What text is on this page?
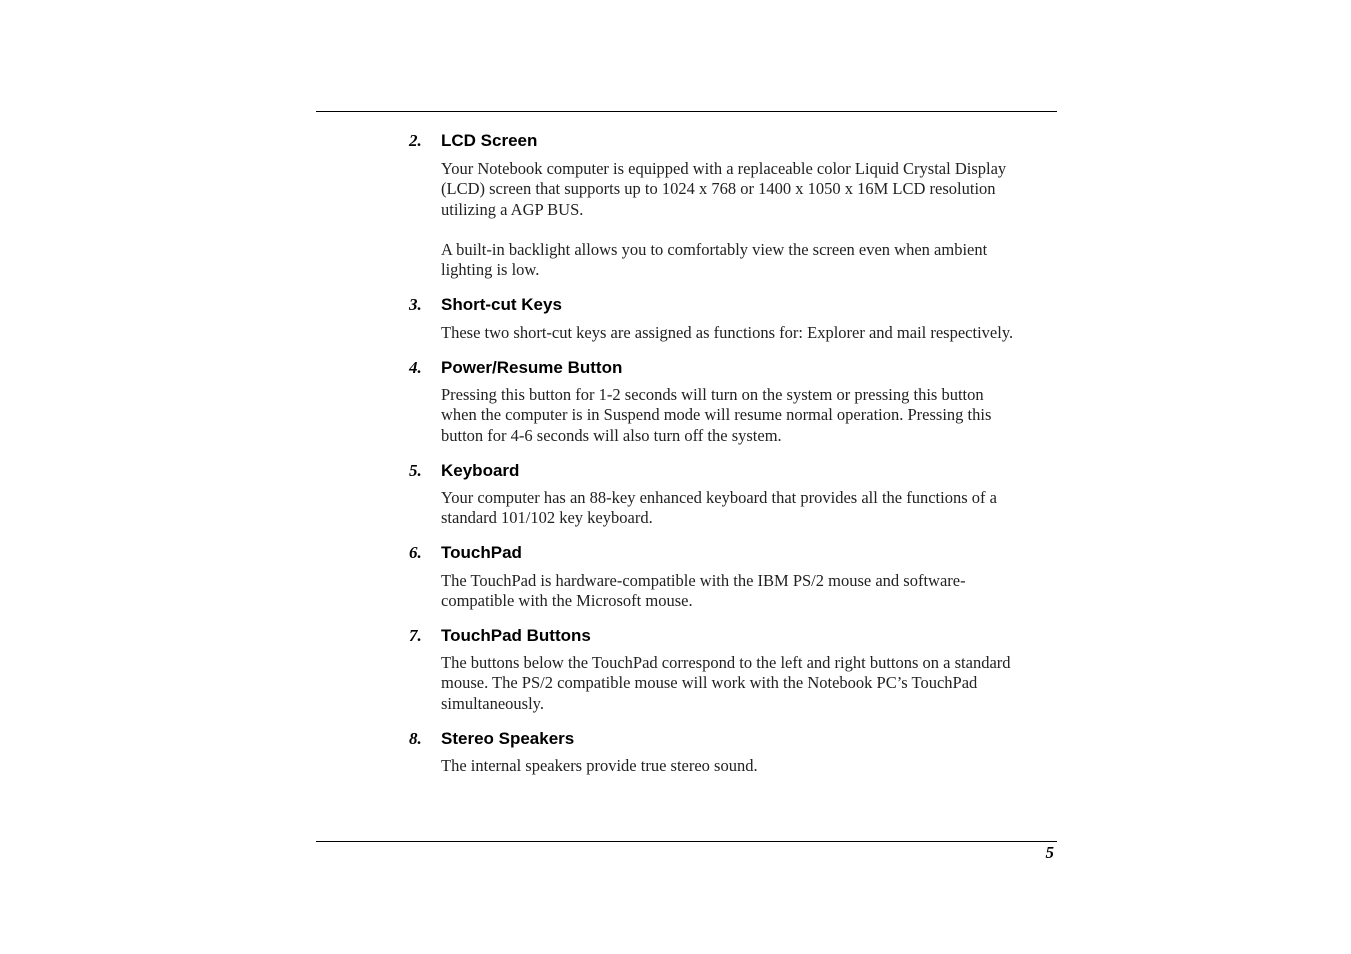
2. LCD Screen
Your Notebook computer is equipped with a replaceable color Liquid Crystal Display
(LCD) screen that supports up to 1024 x 768 or 1400 x 1050 x 16M LCD resolution
utilizing a AGP BUS.
A built-in backlight allows you to comfortably view the screen even when ambient
lighting is low.
3. Short-cut Keys
These two short-cut keys are assigned as functions for: Explorer and mail respectively.
4. Power/Resume Button
Pressing this button for 1-2 seconds will turn on the system or pressing this button
when the computer is in Suspend mode will resume normal operation. Pressing this
button for 4-6 seconds will also turn off the system.
5. Keyboard
Your computer has an 88-key enhanced keyboard that provides all the functions of a
standard 101/102 key keyboard.
6. TouchPad
The TouchPad is hardware-compatible with the IBM PS/2 mouse and software-
compatible with the Microsoft mouse.
7. TouchPad Buttons
The buttons below the TouchPad correspond to the left and right buttons on a standard
mouse. The PS/2 compatible mouse will work with the Notebook PC’s TouchPad
simultaneously.
8. Stereo Speakers
The internal speakers provide true stereo sound.
5
